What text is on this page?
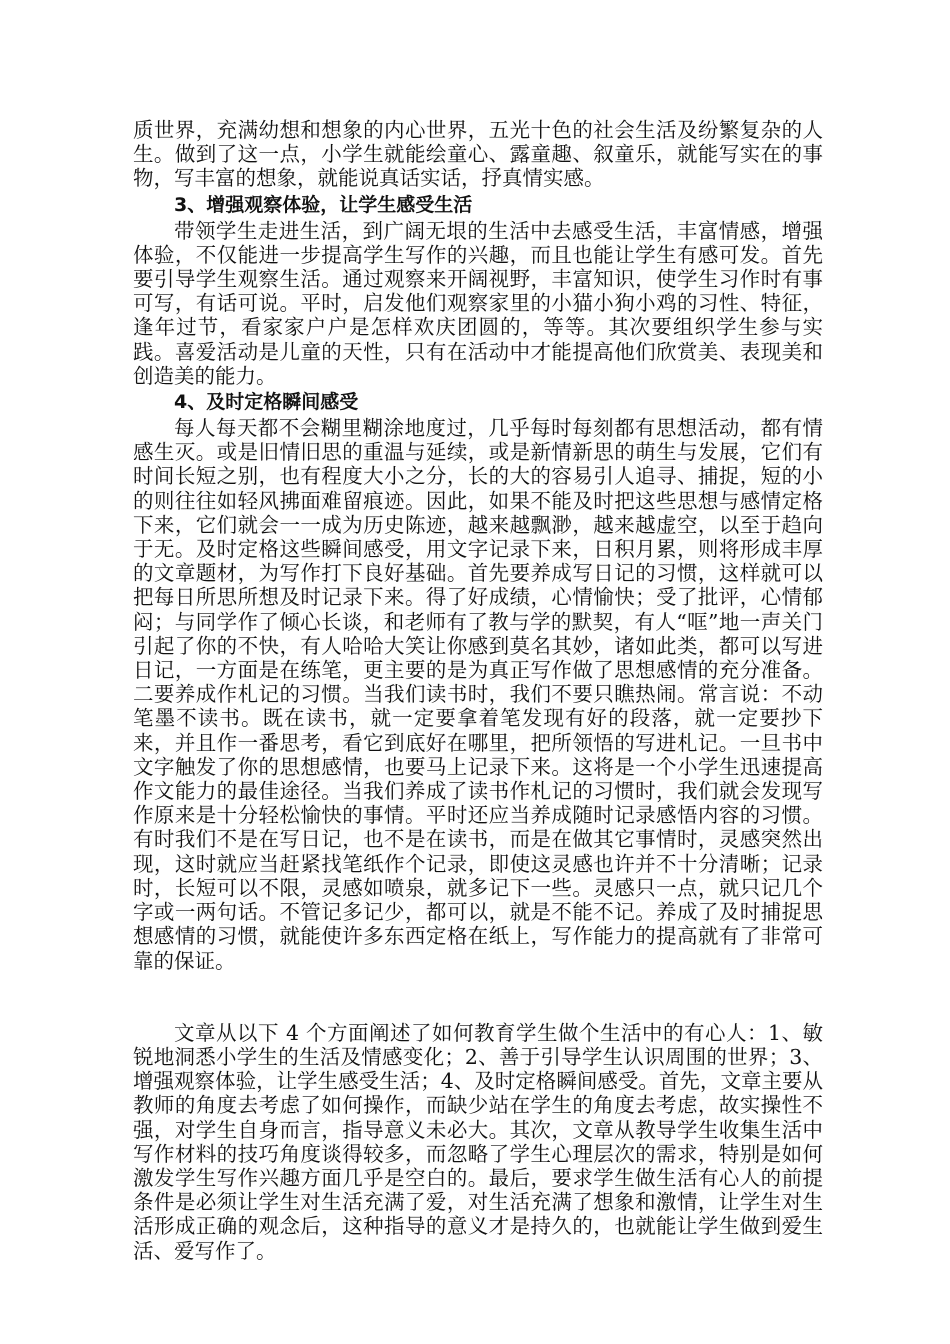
质世界，充满幼想和想象的内心世界，五光十色的社会生活及纷繁复杂的人生。做到了这一点，小学生就能绘童心、露童趣、叙童乐，就能写实在的事物，写丰富的想象，就能说真话实话，抒真情实感。

3、增强观察体验，让学生感受生活

带领学生走进生活，到广阔无垠的生活中去感受生活，丰富情感，增强体验，不仅能进一步提高学生写作的兴趣，而且也能让学生有感可发。首先要引导学生观察生活。通过观察来开阔视野，丰富知识，使学生习作时有事可写，有话可说。平时，启发他们观察家里的小猫小狗小鸡的习性、特征，逢年过节，看家家户户是怎样欢庆团圆的，等等。其次要组织学生参与实践。喜爱活动是儿童的天性，只有在活动中才能提高他们欣赏美、表现美和创造美的能力。

4、及时定格瞬间感受

每人每天都不会糊里糊涂地度过，几乎每时每刻都有思想活动，都有情感生灭。或是旧情旧思的重温与延续，或是新情新思的萌生与发展，它们有时间长短之别，也有程度大小之分，长的大的容易引人追寻、捕捉，短的小的则往往如轻风拂面难留痕迹。因此，如果不能及时把这些思想与感情定格下来，它们就会一一成为历史陈迹，越来越飘渺，越来越虚空，以至于趋向于无。及时定格这些瞬间感受，用文字记录下来，日积月累，则将形成丰厚的文章题材，为写作打下良好基础。首先要养成写日记的习惯，这样就可以把每日所思所想及时记录下来。得了好成绩，心情愉快；受了批评，心情郁闷；与同学作了倾心长谈，和老师有了教与学的默契，有人“哐”地一声关门引起了你的不快，有人哈哈大笑让你感到莫名其妙，诸如此类，都可以写进日记，一方面是在练笔，更主要的是为真正写作做了思想感情的充分准备。二要养成作札记的习惯。当我们读书时，我们不要只瞧热闹。常言说：不动笔墨不读书。既在读书，就一定要拿着笔发现有好的段落，就一定要抄下来，并且作一番思考，看它到底好在哪里，把所领悟的写进札记。一旦书中文字触发了你的思想感情，也要马上记录下来。这将是一个小学生迅速提高作文能力的最佳途径。当我们养成了读书作札记的习惯时，我们就会发现写作原来是十分轻松愉快的事情。平时还应当养成随时记录感悟内容的习惯。有时我们不是在写日记，也不是在读书，而是在做其它事情时，灵感突然出现，这时就应当赶紧找笔纸作个记录，即使这灵感也许并不十分清晰；记录时，长短可以不限，灵感如喷泉，就多记下一些。灵感只一点，就只记几个字或一两句话。不管记多记少，都可以，就是不能不记。养成了及时捕捉思想感情的习惯，就能使许多东西定格在纸上，写作能力的提高就有了非常可靠的保证。

文章从以下 4 个方面阐述了如何教育学生做个生活中的有心人：1、敏锐地洞悉小学生的生活及情感变化；2、善于引导学生认识周围的世界；3、增强观察体验，让学生感受生活；4、及时定格瞬间感受。首先，文章主要从教师的角度去考虑了如何操作，而缺少站在学生的角度去考虑，故实操性不强，对学生自身而言，指导意义未必大。其次，文章从教导学生收集生活中写作材料的技巧角度谈得较多，而忽略了学生心理层次的需求，特别是如何激发学生写作兴趣方面几乎是空白的。最后，要求学生做生活有心人的前提条件是必须让学生对生活充满了爱，对生活充满了想象和激情，让学生对生活形成正确的观念后，这种指导的意义才是持久的，也就能让学生做到爱生活、爱写作了。
